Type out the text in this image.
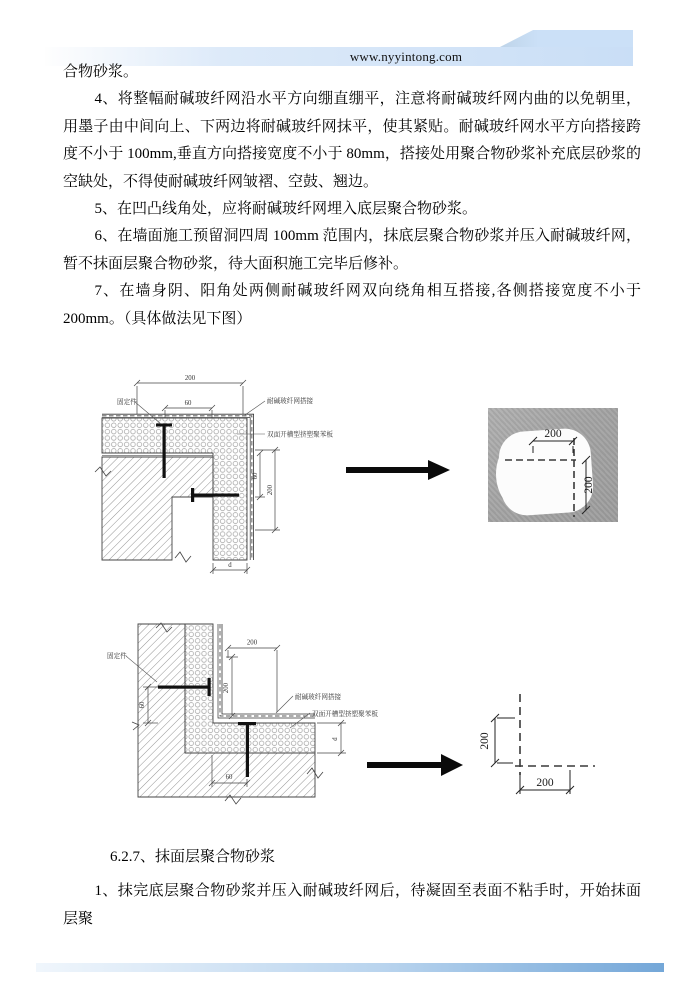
www.nyyintong.com

合物砂浆。

4、将整幅耐碱玻纤网沿水平方向绷直绷平，注意将耐碱玻纤网内曲的以免朝里，用墨子由中间向上、下两边将耐碱玻纤网抹平，使其紧贴。耐碱玻纤网水平方向搭接跨度不小于 100mm,垂直方向搭接宽度不小于 80mm，搭接处用聚合物砂浆补充底层砂浆的空缺处，不得使耐碱玻纤网皱褶、空鼓、翘边。

5、在凹凸线角处，应将耐碱玻纤网埋入底层聚合物砂浆。

6、在墙面施工预留洞四周 100mm 范围内，抹底层聚合物砂浆并压入耐碱玻纤网，暂不抹面层聚合物砂浆，待大面积施工完毕后修补。

7、在墙身阴、阳角处两侧耐碱玻纤网双向绕角相互搭接,各侧搭接宽度不小于 200mm。（具体做法见下图）

200
60
200
60
d
固定件	耐碱玻纤网搭接
双面开槽型挤塑聚苯板	200
200
200
200
60
60
d
固定件
耐碱玻纤网搭接
双面开槽型挤塑聚苯板
200
200

6.2.7、抹面层聚合物砂浆

1、抹完底层聚合物砂浆并压入耐碱玻纤网后，待凝固至表面不粘手时，开始抹面层聚
